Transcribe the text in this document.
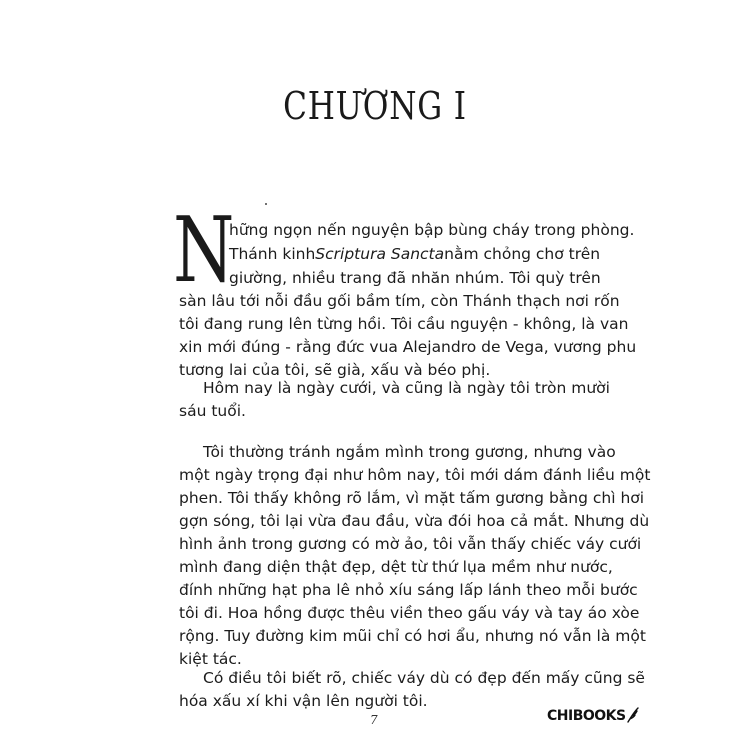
CHƯƠNG I
N
hững ngọn nến nguyện bập bùng cháy trong phòng.
Thánh kinhScriptura Sanctanằm chỏng chơ trên
giường, nhiều trang đã nhăn nhúm. Tôi quỳ trên
sàn lâu tới nỗi đầu gối bầm tím, còn Thánh thạch nơi rốn
tôi đang rung lên từng hồi. Tôi cầu nguyện - không, là van
xin mới đúng - rằng đức vua Alejandro de Vega, vương phu
tương lai của tôi, sẽ già, xấu và béo phị.
Hôm nay là ngày cưới, và cũng là ngày tôi tròn mười
sáu tuổi.
Tôi thường tránh ngắm mình trong gương, nhưng vào
một ngày trọng đại như hôm nay, tôi mới dám đánh liều một
phen. Tôi thấy không rõ lắm, vì mặt tấm gương bằng chì hơi
gợn sóng, tôi lại vừa đau đầu, vừa đói hoa cả mắt. Nhưng dù
hình ảnh trong gương có mờ ảo, tôi vẫn thấy chiếc váy cưới
mình đang diện thật đẹp, dệt từ thứ lụa mềm như nước,
đính những hạt pha lê nhỏ xíu sáng lấp lánh theo mỗi bước
tôi đi. Hoa hồng được thêu viền theo gấu váy và tay áo xòe
rộng. Tuy đường kim mũi chỉ có hơi ẩu, nhưng nó vẫn là một
kiệt tác.
Có điều tôi biết rõ, chiếc váy dù có đẹp đến mấy cũng sẽ
hóa xấu xí khi vận lên người tôi.
7	CHIBOOKS
